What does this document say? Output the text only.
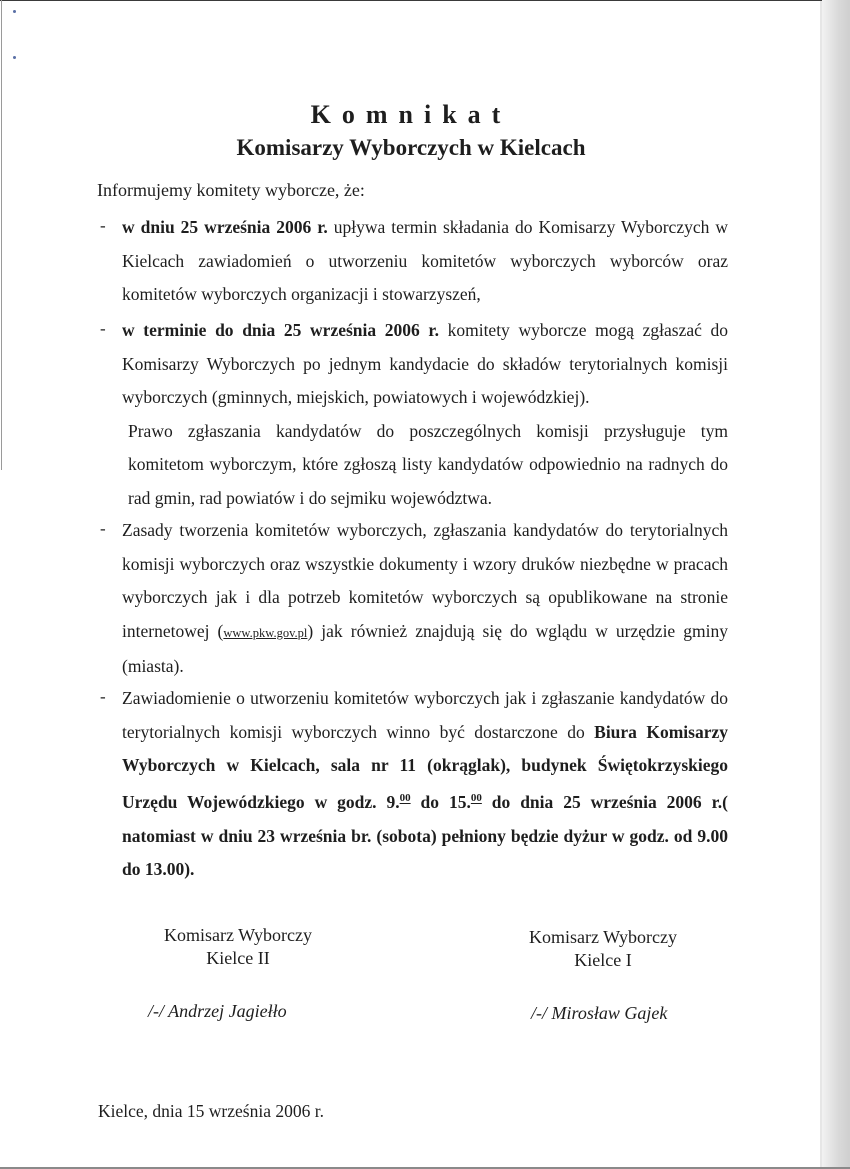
Komnikat
Komisarzy Wyborczych w Kielcach
Informujemy komitety wyborcze, że:
- w dniu 25 września 2006 r. upływa termin składania do Komisarzy Wyborczych w Kielcach zawiadomień o utworzeniu komitetów wyborczych wyborców oraz komitetów wyborczych organizacji i stowarzyszeń,

- w terminie do dnia 25 września 2006 r. komitety wyborcze mogą zgłaszać do Komisarzy Wyborczych po jednym kandydacie do składów terytorialnych komisji wyborczych (gminnych, miejskich, powiatowych i wojewódzkiej).

Prawo zgłaszania kandydatów do poszczególnych komisji przysługuje tym komitetom wyborczym, które zgłoszą listy kandydatów odpowiednio na radnych do rad gmin, rad powiatów i do sejmiku województwa.

- Zasady tworzenia komitetów wyborczych, zgłaszania kandydatów do terytorialnych komisji wyborczych oraz wszystkie dokumenty i wzory druków niezbędne w pracach wyborczych jak i dla potrzeb komitetów wyborczych są opublikowane na stronie internetowej (www.pkw.gov.pl) jak również znajdują się do wglądu w urzędzie gminy (miasta).

- Zawiadomienie o utworzeniu komitetów wyborczych jak i zgłaszanie kandydatów do terytorialnych komisji wyborczych winno być dostarczone do Biura Komisarzy Wyborczych w Kielcach, sala nr 11 (okrąglak), budynek Świętokrzyskiego Urzędu Wojewódzkiego w godz. 9.00 do 15.00 do dnia 25 września 2006 r.( natomiast w dniu 23 września br. (sobota) pełniony będzie dyżur w godz. od 9.00 do 13.00).

Komisarz Wyborczy
Kielce II
Komisarz Wyborczy
Kielce I
/-/ Andrzej Jagiełło	/-/ Mirosław Gajek
Kielce, dnia 15 września 2006 r.
